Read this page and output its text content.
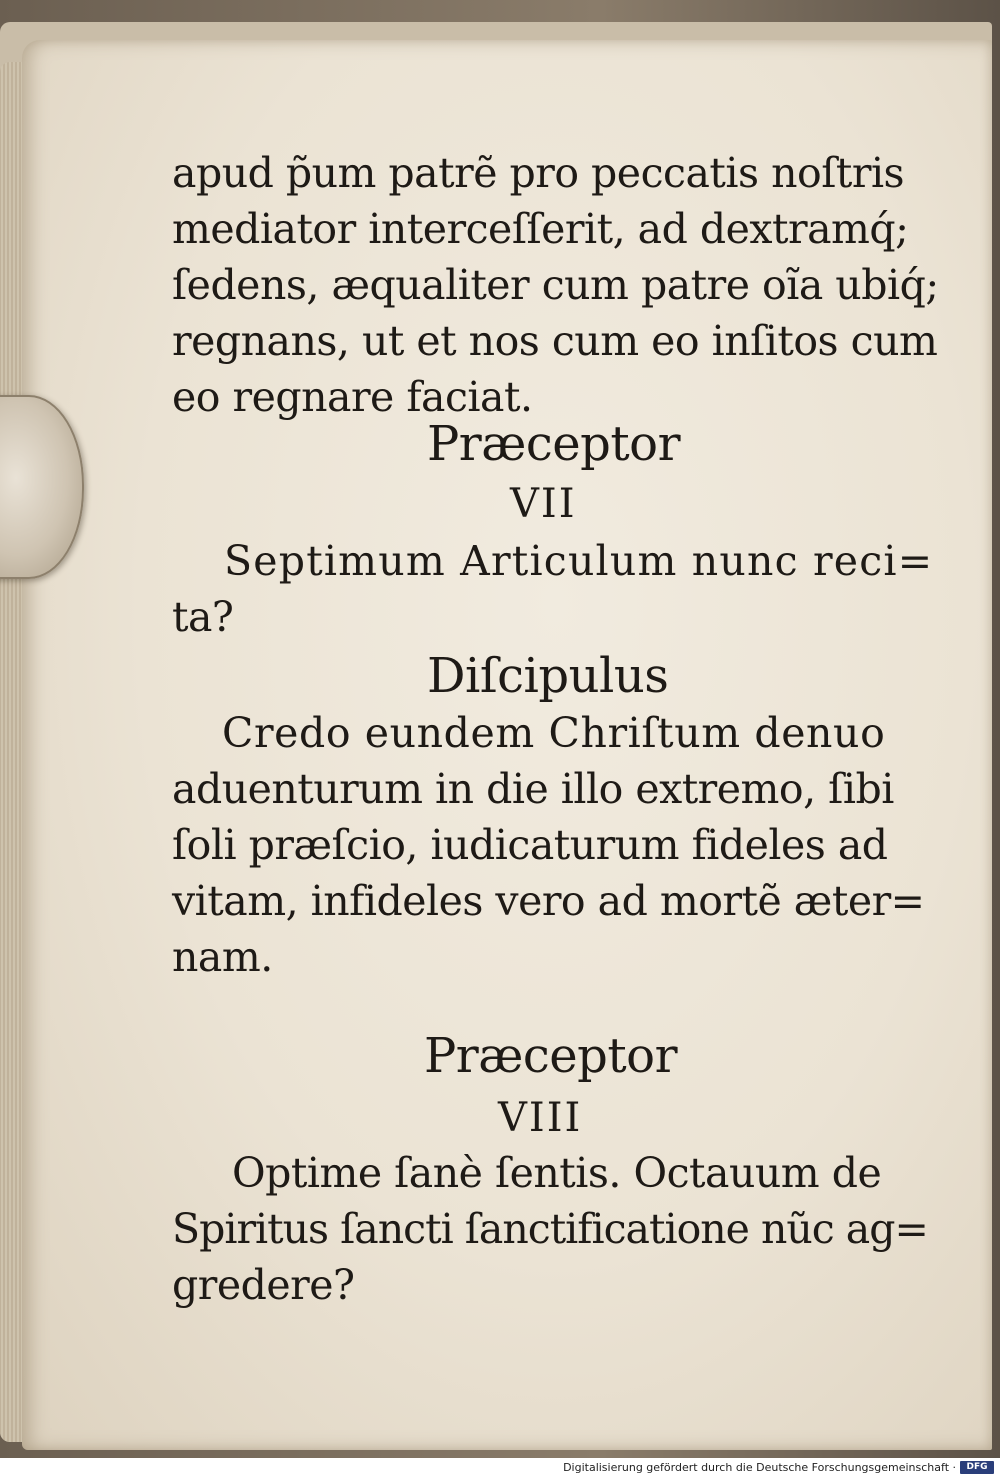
apud p̃um patrẽ pro peccatis noſtris
mediator interceſſerit, ad dextramq́;
ſedens, æqualiter cum patre oĩa ubiq́;
regnans, ut et nos cum eo inſitos cum
eo regnare faciat.
Præceptor
VII
Septimum Articulum nunc reci=
ta?
Diſcipulus
Credo eundem Chriſtum denuo
aduenturum in die illo extremo, ſibi
ſoli præſcio, iudicaturum fideles ad
vitam, infideles vero ad mortẽ æter=
nam.
Præceptor
VIII
Optime ſanè ſentis. Octauum de
Spiritus ſancti ſanctificatione nũc ag=
gredere?
Digitalisierung gefördert durch die Deutsche Forschungsgemeinschaft ·	DFG
